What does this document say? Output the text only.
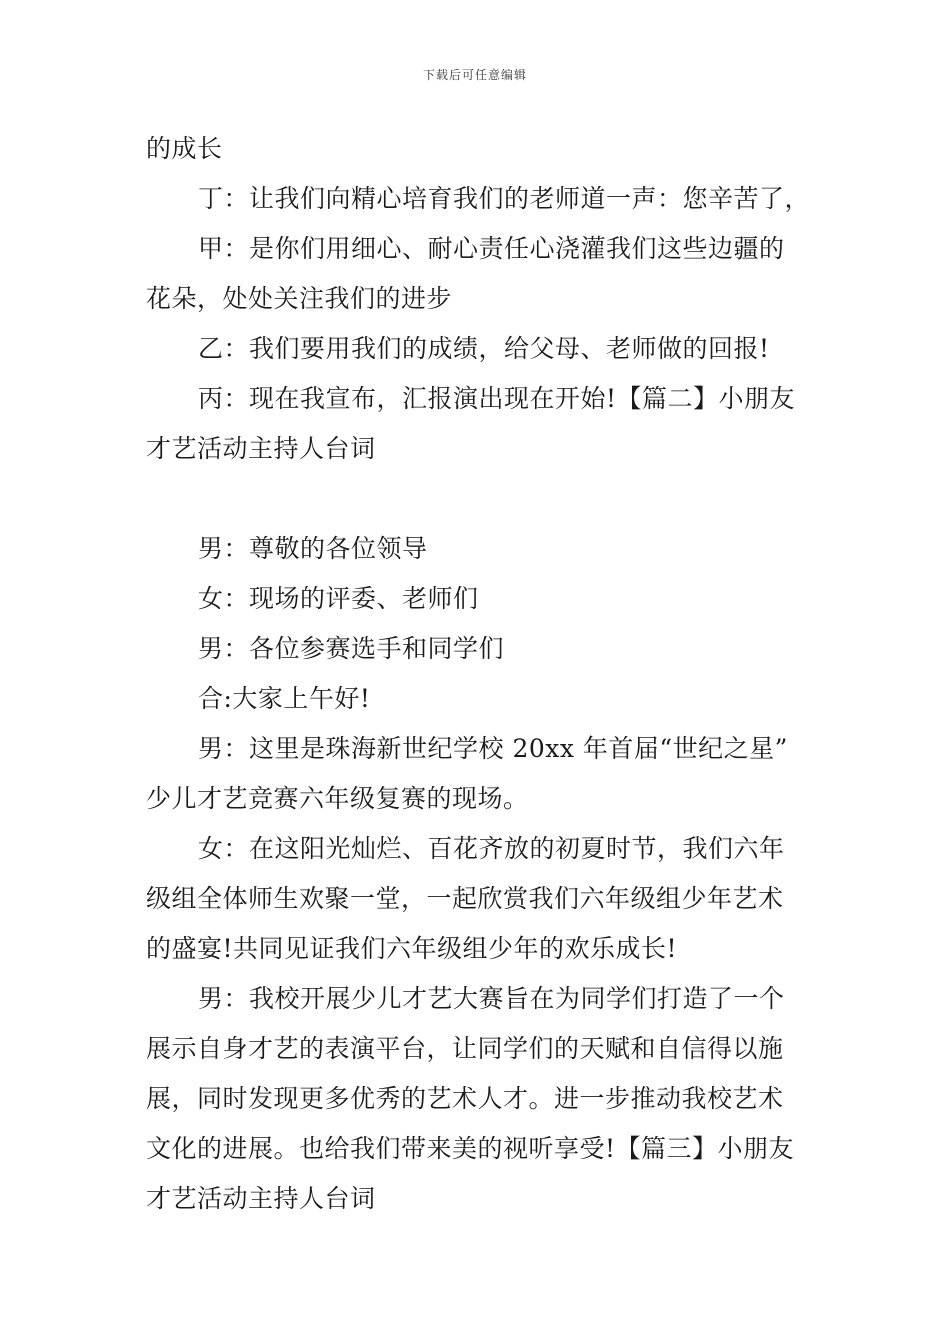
下载后可任意编辑
的成长
丁：让我们向精心培育我们的老师道一声：您辛苦了，
甲：是你们用细心、耐心责任心浇灌我们这些边疆的
花朵，处处关注我们的进步
乙：我们要用我们的成绩，给父母、老师做的回报!
丙：现在我宣布，汇报演出现在开始!【篇二】小朋友
才艺活动主持人台词
男：尊敬的各位领导
女：现场的评委、老师们
男：各位参赛选手和同学们
合:大家上午好!
男：这里是珠海新世纪学校 20xx 年首届“世纪之星”
少儿才艺竞赛六年级复赛的现场。
女：在这阳光灿烂、百花齐放的初夏时节，我们六年
级组全体师生欢聚一堂，一起欣赏我们六年级组少年艺术
的盛宴!共同见证我们六年级组少年的欢乐成长!
男：我校开展少儿才艺大赛旨在为同学们打造了一个
展示自身才艺的表演平台，让同学们的天赋和自信得以施
展，同时发现更多优秀的艺术人才。进一步推动我校艺术
文化的进展。也给我们带来美的视听享受!【篇三】小朋友
才艺活动主持人台词
